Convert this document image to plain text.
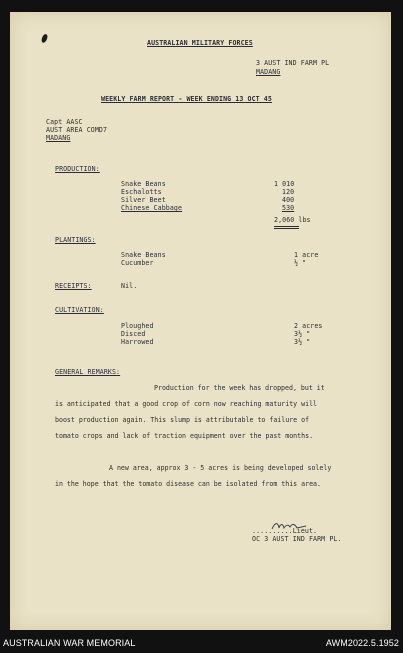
AUSTRALIAN MILITARY FORCES
3 AUST IND FARM PL
MADANG
WEEKLY FARM REPORT - WEEK ENDING 13 OCT 45
Capt AASC
AUST AREA COMD7
MADANG
PRODUCTION:
Snake Beans	1 010
Eschalotts	120
Silver Beet	400
Chinese Cabbage	530
2,060 lbs
PLANTINGS:
Snake Beans	1 acre
Cucumber	½ "
RECEIPTS:	Nil.
CULTIVATION:
Ploughed	2 acres
Disced	3½ "
Harrowed	3½ "
GENERAL REMARKS:
Production for the week has dropped, but it
is anticipated that a good crop of corn now reaching maturity will
boost production again. This slump is attributable to failure of
tomato crops and lack of traction equipment over the past months.
A new area, approx 3 - 5 acres is being developed solely
in the hope that the tomato disease can be isolated from this area.
..........Lieut.
OC 3 AUST IND FARM PL.
AUSTRALIAN WAR MEMORIAL	AWM2022.5.1952
